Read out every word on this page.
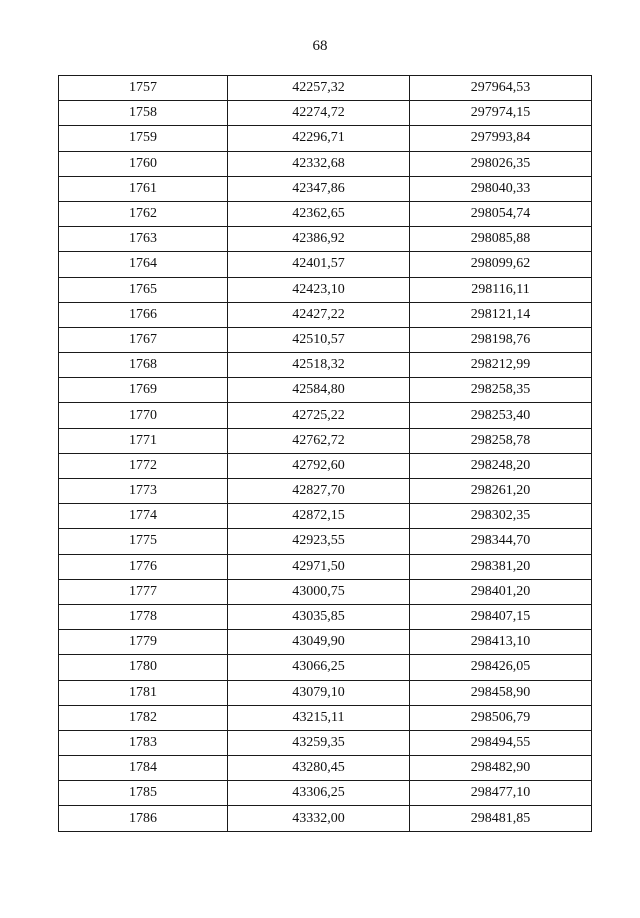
68
1757	42257,32	297964,53
1758	42274,72	297974,15
1759	42296,71	297993,84
1760	42332,68	298026,35
1761	42347,86	298040,33
1762	42362,65	298054,74
1763	42386,92	298085,88
1764	42401,57	298099,62
1765	42423,10	298116,11
1766	42427,22	298121,14
1767	42510,57	298198,76
1768	42518,32	298212,99
1769	42584,80	298258,35
1770	42725,22	298253,40
1771	42762,72	298258,78
1772	42792,60	298248,20
1773	42827,70	298261,20
1774	42872,15	298302,35
1775	42923,55	298344,70
1776	42971,50	298381,20
1777	43000,75	298401,20
1778	43035,85	298407,15
1779	43049,90	298413,10
1780	43066,25	298426,05
1781	43079,10	298458,90
1782	43215,11	298506,79
1783	43259,35	298494,55
1784	43280,45	298482,90
1785	43306,25	298477,10
1786	43332,00	298481,85
